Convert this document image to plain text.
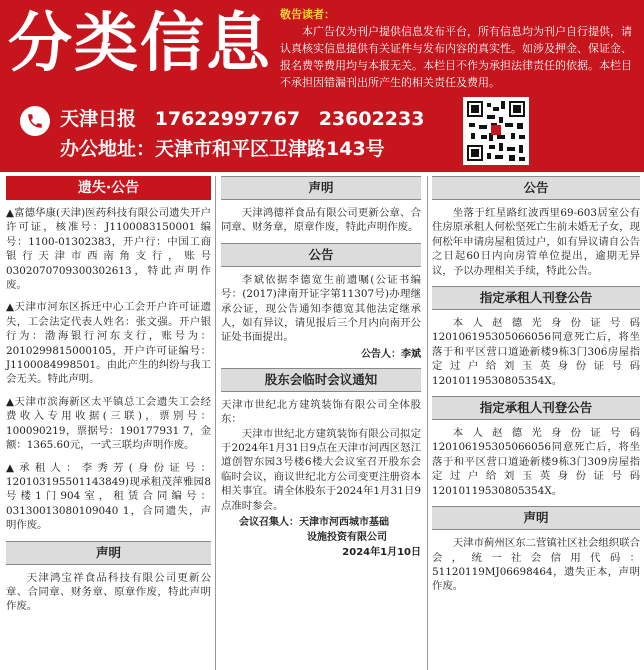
分类信息 敬告读者：
本广告仅为刊户提供信息发布平台，所有信息均为刊户自行提供，请认真核实信息提供有关证件与发布内容的真实性。如涉及押金、保证金、报名费等费用均与本报无关。本栏目不作为承担法律责任的依据。本栏目不承担因错漏刊出所产生的相关责任及费用。
天津日报 17622997767 23602233
办公地址：天津市和平区卫津路143号
遗失·公告
▲富德华康(天津)医药科技有限公司遗失开户许可证，核准号：J1100083150001 编号：1100-01302383，开户行：中国工商银行天津市西南角支行，账号0302070709300302613，特此声明作废。
▲天津市河东区拆迁中心工会开户许可证遗失，工会法定代表人姓名：张文强。开户银行为：渤海银行河东支行，账号为：2010299815000105，开户许可证编号：J1100084998501。由此产生的纠纷与我工会无关。特此声明。
▲天津市滨海新区太平镇总工会遗失工会经费收入专用收据(三联)，票别号：100090219，票据号：190177931 7，金额：1365.60元，一式三联均声明作废。
▲承租人：李秀芳(身份证号：120103195501143849)现承租茂萍雅园8号楼1门904室，租赁合同编号：03130013080109040 1，合同遗失，声明作废。
声明
天津鸿宝祥食品科技有限公司更新公章、合同章、财务章、原章作废，特此声明作废。
声明
天津鸿德祥食品有限公司更新公章、合同章、财务章，原章作废，特此声明作废。
公告
李斌依据李德宽生前遗嘱(公证书编号：(2017)津南开证字第11307号)办理继承公证，现公告通知李德宽其他法定继承人，如有异议，请见报后三个月内向南开公证处书面提出。
公告人：李斌
股东会临时会议通知
天津市世纪北方建筑装饰有限公司全体股东：
天津市世纪北方建筑装饰有限公司拟定于2024年1月31日9点在天津市河西区怒江道创智东园3号楼6楼大会议室召开股东会临时会议，商议世纪北方公司变更注册资本相关事宜。请全体股东于2024年1月31日9点准时参会。
会议召集人：天津市河西城市基础
设施投资有限公司
2024年1月10日
公告
坐落于红星路红波西里69-603居室公有住房原承租人何松坚死亡生前未婚无子女，现何松年申请房屋租赁过户，如有异议请自公告之日起60日内向房管单位提出，逾期无异议，予以办理相关手续，特此公告。
指定承租人刊登公告
本人赵德光身份证号码120106195305066056同意死亡后，将坐落于和平区营口道逊新楼9栋3门306房屋指定过户给刘玉英身份证号码12010119530805354X。
指定承租人刊登公告
本人赵德光身份证号码120106195305066056同意死亡后，将坐落于和平区营口道逊新楼9栋3门309房屋指定过户给刘玉英身份证号码12010119530805354X。
声明
天津市蓟州区东二营镇社区社会组织联合会，统一社会信用代码：51120119MJ06698464，遗失正本，声明作废。
